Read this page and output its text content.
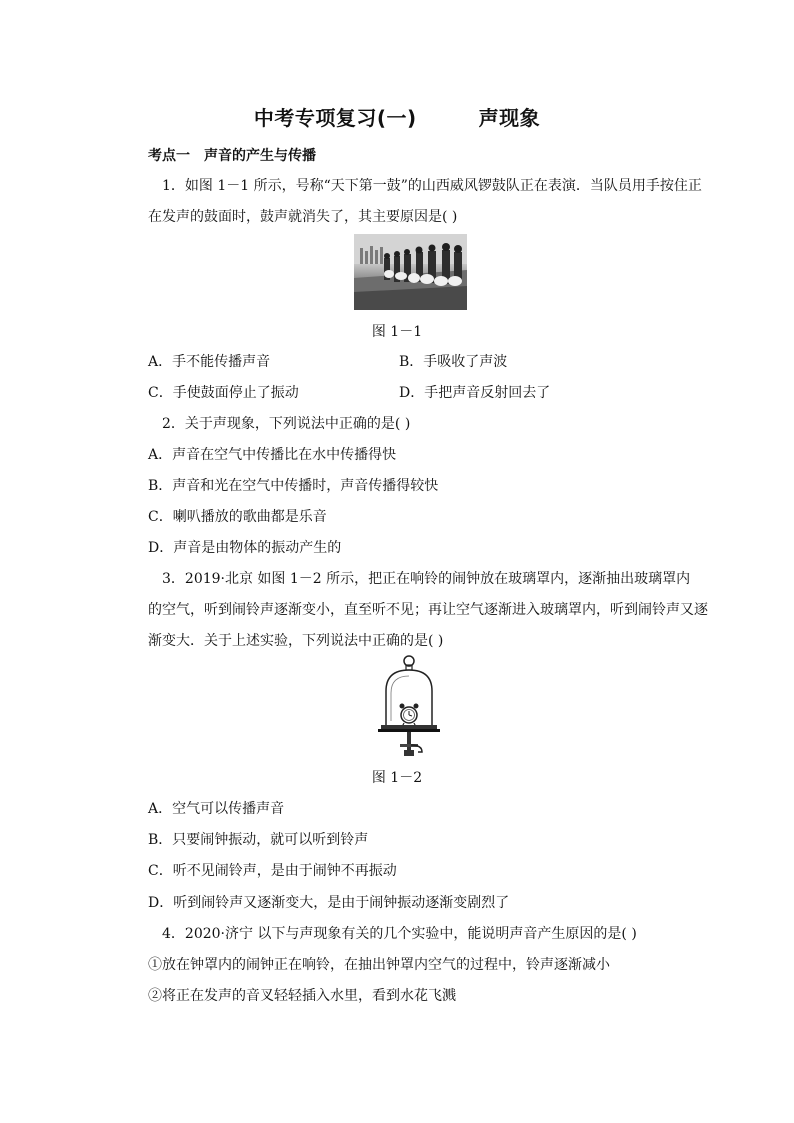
中考专项复习(一)	声现象
考点一 声音的产生与传播
1．如图 1－1 所示，号称“天下第一鼓”的山西威风锣鼓队正在表演．当队员用手按住正
在发声的鼓面时，鼓声就消失了，其主要原因是( )
图 1－1
A．手不能传播声音	B．手吸收了声波
C．手使鼓面停止了振动	D．手把声音反射回去了
2．关于声现象，下列说法中正确的是( )
A．声音在空气中传播比在水中传播得快
B．声音和光在空气中传播时，声音传播得较快
C．喇叭播放的歌曲都是乐音
D．声音是由物体的振动产生的
3．2019·北京 如图 1－2 所示，把正在响铃的闹钟放在玻璃罩内，逐渐抽出玻璃罩内
的空气，听到闹铃声逐渐变小，直至听不见；再让空气逐渐进入玻璃罩内，听到闹铃声又逐
渐变大．关于上述实验，下列说法中正确的是( )
图 1－2
A．空气可以传播声音
B．只要闹钟振动，就可以听到铃声
C．听不见闹铃声，是由于闹钟不再振动
D．听到闹铃声又逐渐变大，是由于闹钟振动逐渐变剧烈了
4．2020·济宁 以下与声现象有关的几个实验中，能说明声音产生原因的是( )
①放在钟罩内的闹钟正在响铃，在抽出钟罩内空气的过程中，铃声逐渐减小
②将正在发声的音叉轻轻插入水里，看到水花飞溅
